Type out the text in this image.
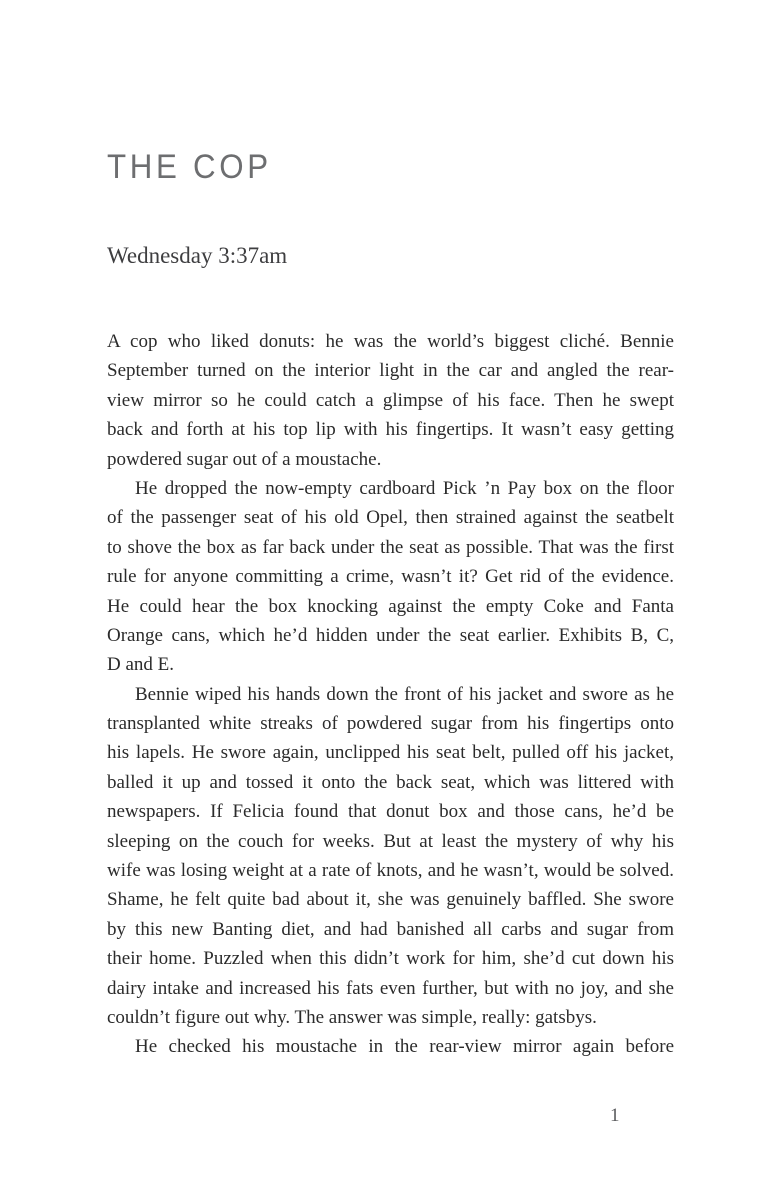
THE COP
Wednesday 3:37am
A cop who liked donuts: he was the world’s biggest cliché. Bennie
September turned on the interior light in the car and angled the rear-
view mirror so he could catch a glimpse of his face. Then he swept
back and forth at his top lip with his fingertips. It wasn’t easy getting
powdered sugar out of a moustache.
He dropped the now-empty cardboard Pick ’n Pay box on the floor
of the passenger seat of his old Opel, then strained against the seatbelt
to shove the box as far back under the seat as possible. That was the first
rule for anyone committing a crime, wasn’t it? Get rid of the evidence.
He could hear the box knocking against the empty Coke and Fanta
Orange cans, which he’d hidden under the seat earlier. Exhibits B, C,
D and E.
Bennie wiped his hands down the front of his jacket and swore as he
transplanted white streaks of powdered sugar from his fingertips onto
his lapels. He swore again, unclipped his seat belt, pulled off his jacket,
balled it up and tossed it onto the back seat, which was littered with
newspapers. If Felicia found that donut box and those cans, he’d be
sleeping on the couch for weeks. But at least the mystery of why his
wife was losing weight at a rate of knots, and he wasn’t, would be solved.
Shame, he felt quite bad about it, she was genuinely baffled. She swore
by this new Banting diet, and had banished all carbs and sugar from
their home. Puzzled when this didn’t work for him, she’d cut down his
dairy intake and increased his fats even further, but with no joy, and she
couldn’t figure out why. The answer was simple, really: gatsbys.
He checked his moustache in the rear-view mirror again before
1
